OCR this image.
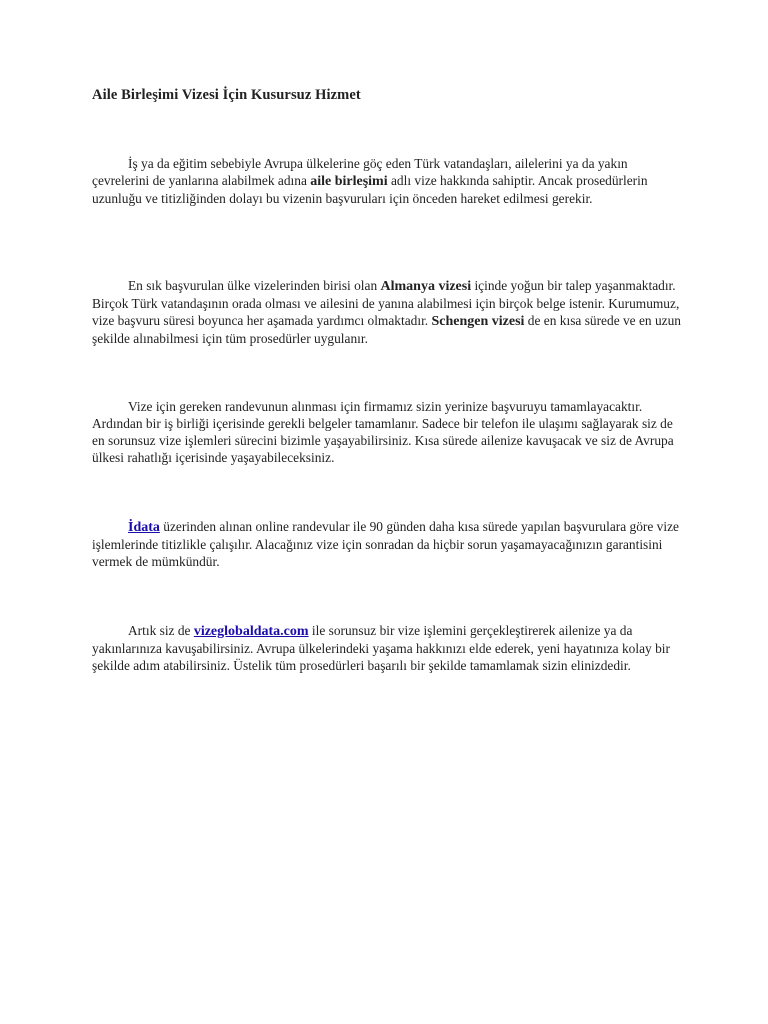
Aile Birleşimi Vizesi İçin Kusursuz Hizmet

İş ya da eğitim sebebiyle Avrupa ülkelerine göç eden Türk vatandaşları, ailelerini ya da yakın çevrelerini de yanlarına alabilmek adına aile birleşimi adlı vize hakkında sahiptir. Ancak prosedürlerin uzunluğu ve titizliğinden dolayı bu vizenin başvuruları için önceden hareket edilmesi gerekir.

En sık başvurulan ülke vizelerinden birisi olan Almanya vizesi içinde yoğun bir talep yaşanmaktadır. Birçok Türk vatandaşının orada olması ve ailesini de yanına alabilmesi için birçok belge istenir. Kurumumuz, vize başvuru süresi boyunca her aşamada yardımcı olmaktadır. Schengen vizesi de en kısa sürede ve en uzun şekilde alınabilmesi için tüm prosedürler uygulanır.

Vize için gereken randevunun alınması için firmamız sizin yerinize başvuruyu tamamlayacaktır. Ardından bir iş birliği içerisinde gerekli belgeler tamamlanır. Sadece bir telefon ile ulaşımı sağlayarak siz de en sorunsuz vize işlemleri sürecini bizimle yaşayabilirsiniz. Kısa sürede ailenize kavuşacak ve siz de Avrupa ülkesi rahatlığı içerisinde yaşayabileceksiniz.

İdata üzerinden alınan online randevular ile 90 günden daha kısa sürede yapılan başvurulara göre vize işlemlerinde titizlikle çalışılır. Alacağınız vize için sonradan da hiçbir sorun yaşamayacağınızın garantisini vermek de mümkündür.

Artık siz de vizeglobaldata.com ile sorunsuz bir vize işlemini gerçekleştirerek ailenize ya da yakınlarınıza kavuşabilirsiniz. Avrupa ülkelerindeki yaşama hakkınızı elde ederek, yeni hayatınıza kolay bir şekilde adım atabilirsiniz. Üstelik tüm prosedürleri başarılı bir şekilde tamamlamak sizin elinizdedir.
